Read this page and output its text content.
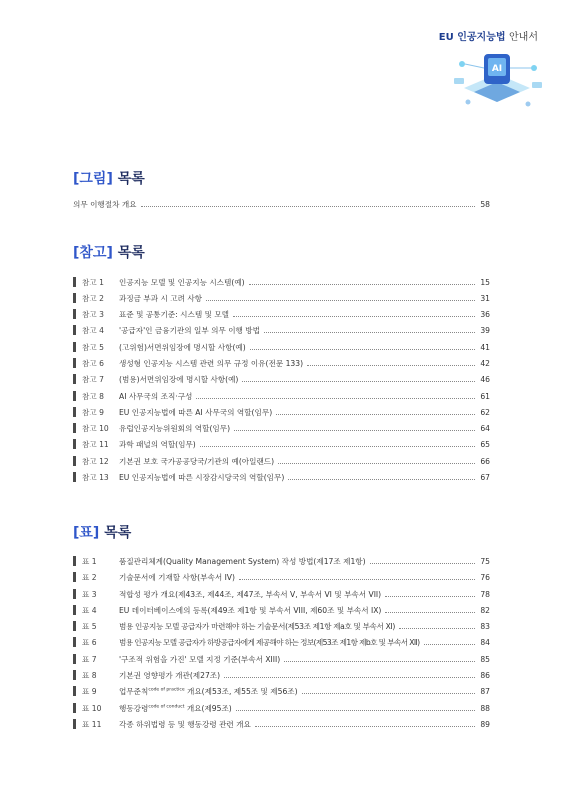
EU 인공지능법 안내서
AI
[그림] 목록
의무 이행절차 개요	58
[참고] 목록
참고 1	인공지능 모델 및 인공지능 시스템(예)	15
참고 2	과징금 부과 시 고려 사항	31
참고 3	표준 및 공통기준: 시스템 및 모델	36
참고 4	'공급자'인 금융기관의 일부 의무 이행 방법	39
참고 5	(고위험)서면위임장에 명시할 사항(예)	41
참고 6	생성형 인공지능 시스템 관련 의무 규정 이유(전문 133)	42
참고 7	(범용)서면위임장에 명시할 사항(예)	46
참고 8	AI 사무국의 조직·구성	61
참고 9	EU 인공지능법에 따른 AI 사무국의 역할(임무)	62
참고 10	유럽인공지능위원회의 역할(임무)	64
참고 11	과학 패널의 역할(임무)	65
참고 12	기본권 보호 국가공공당국/기관의 예(아일랜드)	66
참고 13	EU 인공지능법에 따른 시장감시당국의 역할(임무)	67
[표] 목록
표 1	품질관리체계(Quality Management System) 작성 방법(제17조 제1항)	75
표 2	기술문서에 기재할 사항(부속서 IV)	76
표 3	적합성 평가 개요(제43조, 제44조, 제47조, 부속서 V, 부속서 VI 및 부속서 VII)	78
표 4	EU 데이터베이스에의 등록(제49조 제1항 및 부속서 VIII, 제60조 및 부속서 IX)	82
표 5	범용 인공지능 모델 공급자가 마련해야 하는 기술문서(제53조 제1항 제a호 및 부속서 XI)	83
표 6	범용 인공지능 모델 공급자가 하방공급자에게 제공해야 하는 정보(제53조 제1항 제b호 및 부속서 XII)	84
표 7	'구조적 위험을 가진' 모델 지정 기준(부속서 XIII)	85
표 8	기본권 영향평가 개관(제27조)	86
표 9	업무준칙$^{code of practice}$ 개요(제53조, 제55조 및 제56조)	87
표 10	행동강령$^{code of conduct}$ 개요(제95조)	88
표 11	각종 하위법령 등 및 행동강령 관련 개요	89
